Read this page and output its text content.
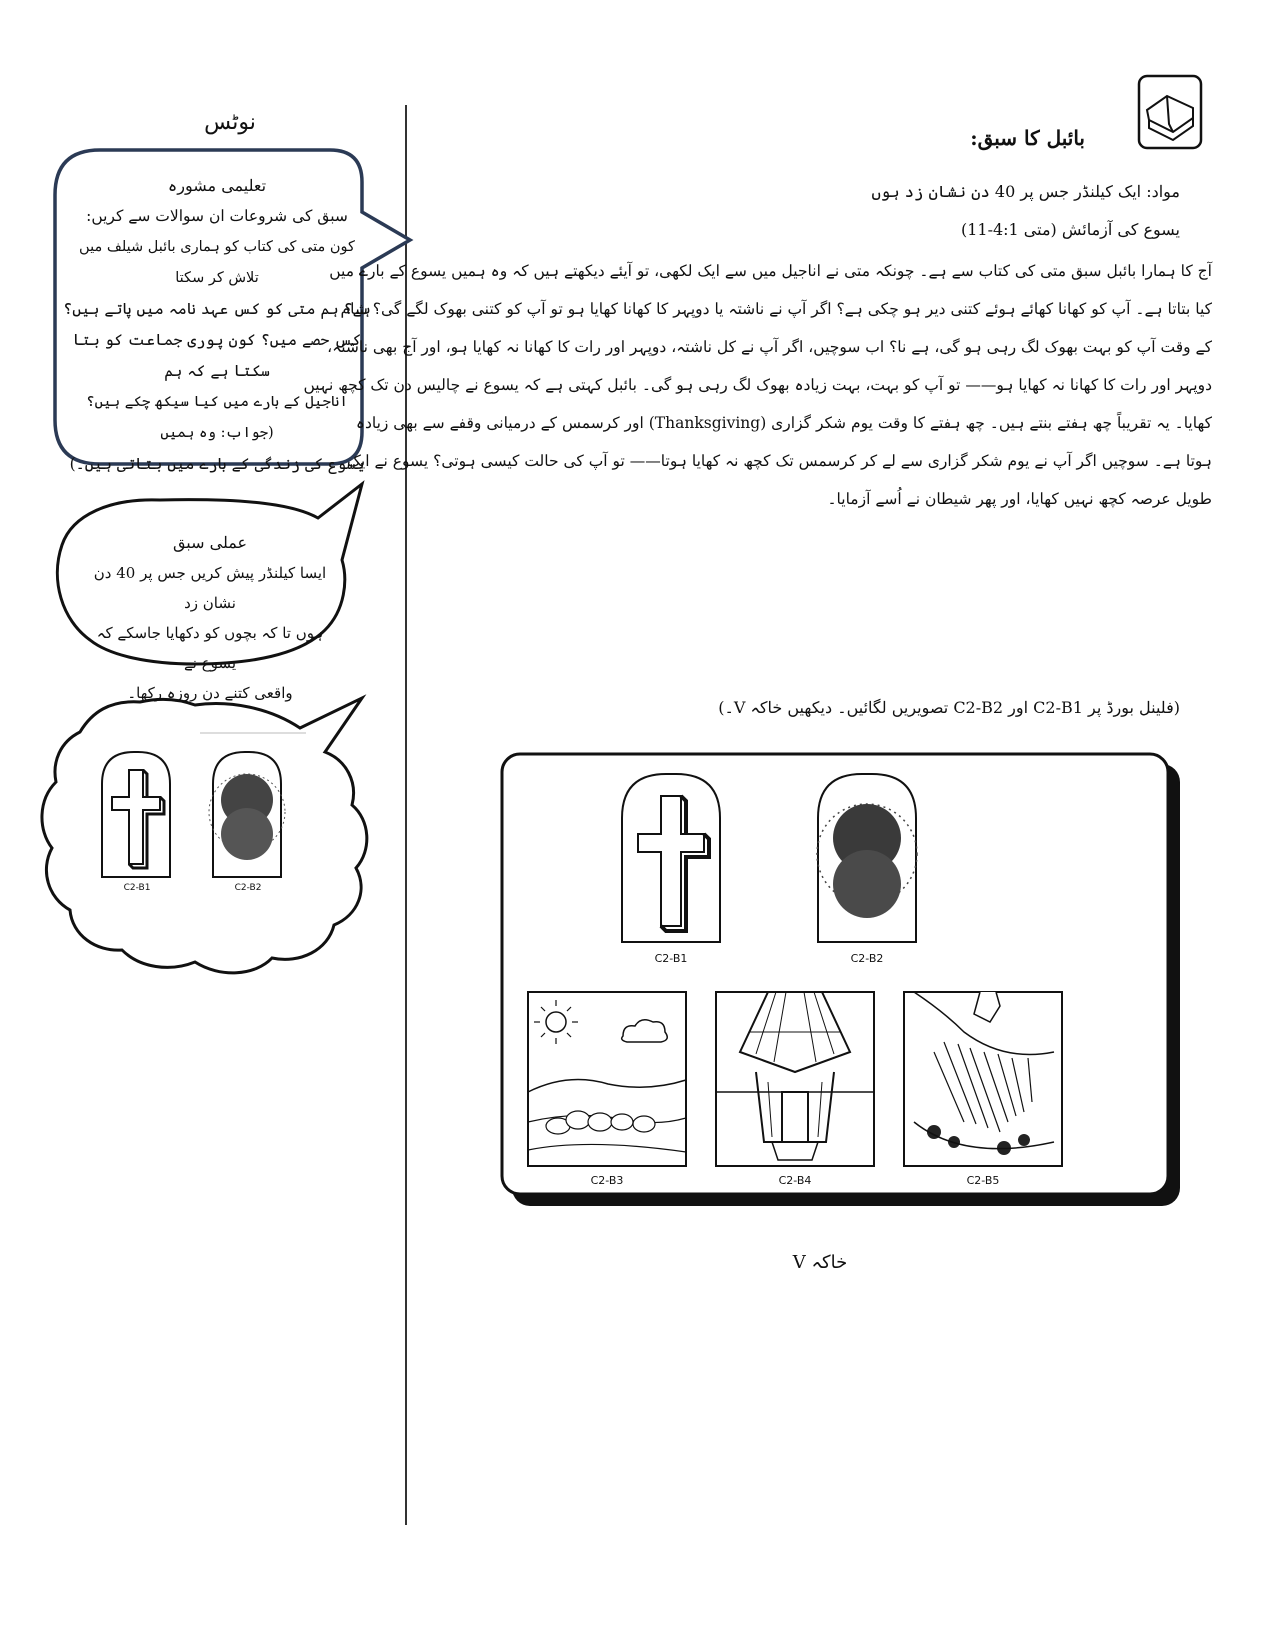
نوٹس
تعلیمی مشورہ
سبق کی شروعات ان سوالات سے کریں:
کون متی کی کتاب کو ہماری بائبل شیلف میں تلاش کر سکتا
ہے؟ ہم متی کو کس عہد نامہ میں پاتے ہیں؟
کس حصے میں؟ کون پوری جماعت کو بتا سکتا ہے کہ ہم
اناجیل کے بارے میں کیا سیکھ چکے ہیں؟ (جواب: وہ ہمیں
یسوع کی زندگی کے بارے میں بتاتی ہیں۔)
عملی سبق
ایسا کیلنڈر پیش کریں جس پر 40 دن نشان زد
ہوں تا کہ بچوں کو دکھایا جاسکے کہ یسوع نے
واقعی کتنے دن روزہ رکھا۔
C2-B1	C2-B2
بائبل کا سبق:
مواد: ایک کیلنڈر جس پر 40 دن نشان زد ہوں
یسوع کی آزمائش (متی 4:1-11)

آج کا ہمارا بائبل سبق متی کی کتاب سے ہے۔ چونکہ متی نے اناجیل میں سے ایک لکھی، تو آیئے دیکھتے ہیں کہ وہ ہمیں یسوع کے بارے میں

کیا بتاتا ہے۔ آپ کو کھانا کھائے ہوئے کتنی دیر ہو چکی ہے؟ اگر آپ نے ناشتہ یا دوپہر کا کھانا کھایا ہو تو آپ کو کتنی بھوک لگے گی؟ شام

کے وقت آپ کو بہت بھوک لگ رہی ہو گی، ہے نا؟ اب سوچیں، اگر آپ نے کل ناشتہ، دوپہر اور رات کا کھانا نہ کھایا ہو، اور آج بھی ناشتہ،

دوپہر اور رات کا کھانا نہ کھایا ہو—— تو آپ کو بہت، بہت زیادہ بھوک لگ رہی ہو گی۔ بائبل کہتی ہے کہ یسوع نے چالیس دن تک کچھ نہیں

کھایا۔ یہ تقریباً چھ ہفتے بنتے ہیں۔ چھ ہفتے کا وقت یوم شکر گزاری (Thanksgiving) اور کرسمس کے درمیانی وقفے سے بھی زیادہ

ہوتا ہے۔ سوچیں اگر آپ نے یوم شکر گزاری سے لے کر کرسمس تک کچھ نہ کھایا ہوتا—— تو آپ کی حالت کیسی ہوتی؟ یسوع نے ایک

طویل عرصہ کچھ نہیں کھایا، اور پھر شیطان نے اُسے آزمایا۔

(فلینل بورڈ پر C2-B1 اور C2-B2 تصویریں لگائیں۔ دیکھیں خاکہ V۔)
C2-B1	C2-B2
C2-B3	C2-B4	C2-B5
خاکہ V
